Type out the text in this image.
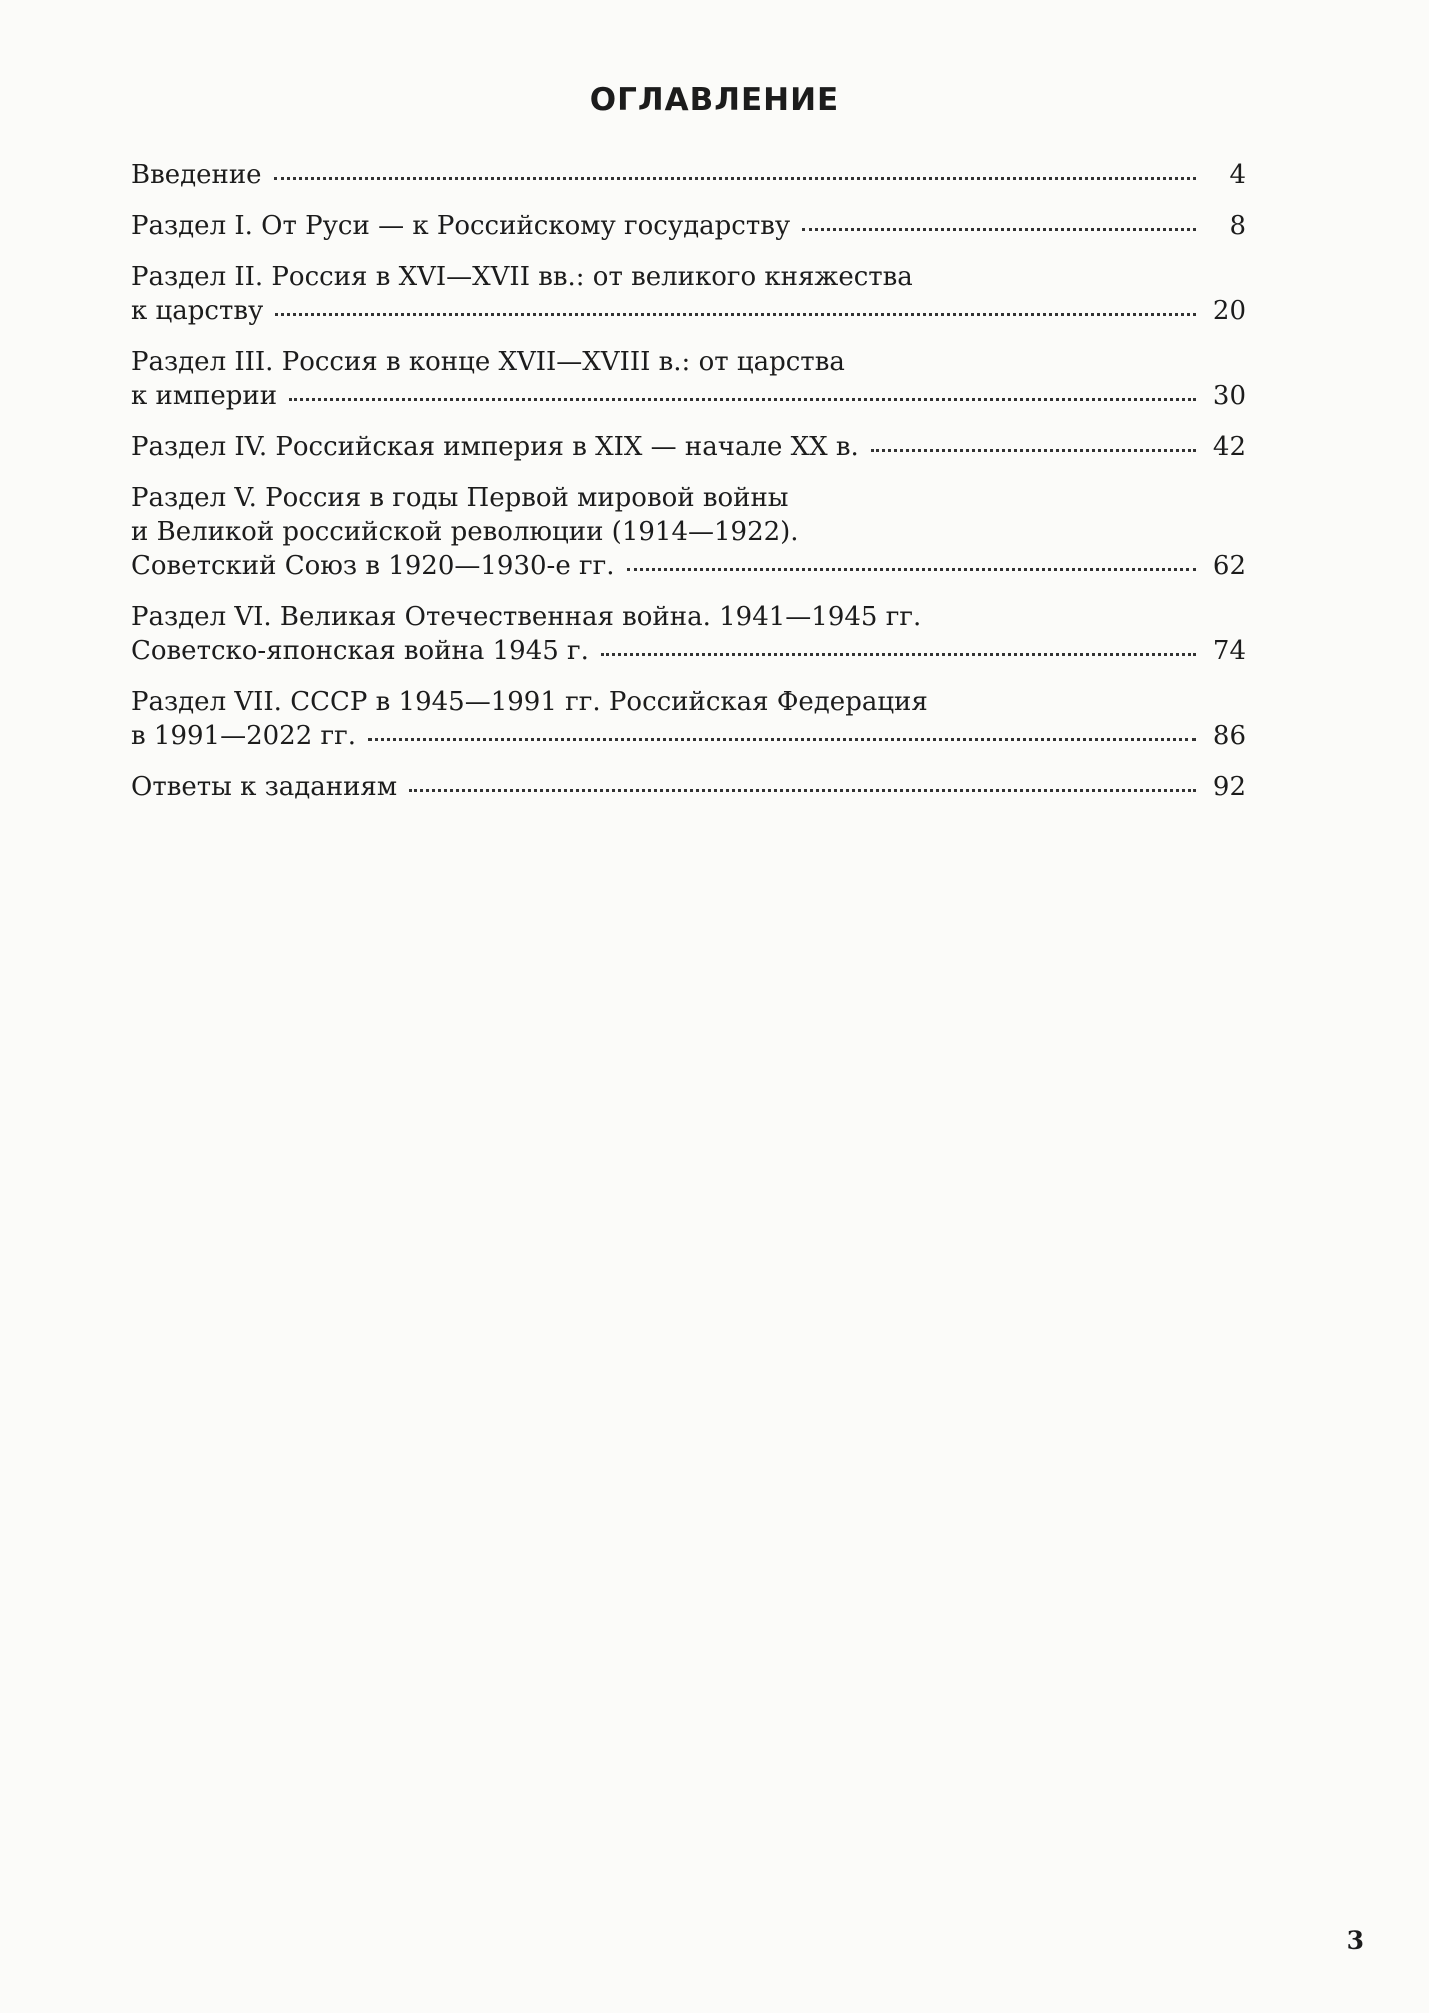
ОГЛАВЛЕНИЕ
Введение	4
Раздел I. От Руси — к Российскому государству	8
Раздел II. Россия в XVI—XVII вв.: от великого княжества
к царству	20
Раздел III. Россия в конце XVII—XVIII в.: от царства
к империи	30
Раздел IV. Российская империя в XIX — начале XX в.	42
Раздел V. Россия в годы Первой мировой войны
и Великой российской революции (1914—1922).
Советский Союз в 1920—1930-е гг.	62
Раздел VI. Великая Отечественная война. 1941—1945 гг.
Советско-японская война 1945 г.	74
Раздел VII. СССР в 1945—1991 гг. Российская Федерация
в 1991—2022 гг.	86
Ответы к заданиям	92
3
